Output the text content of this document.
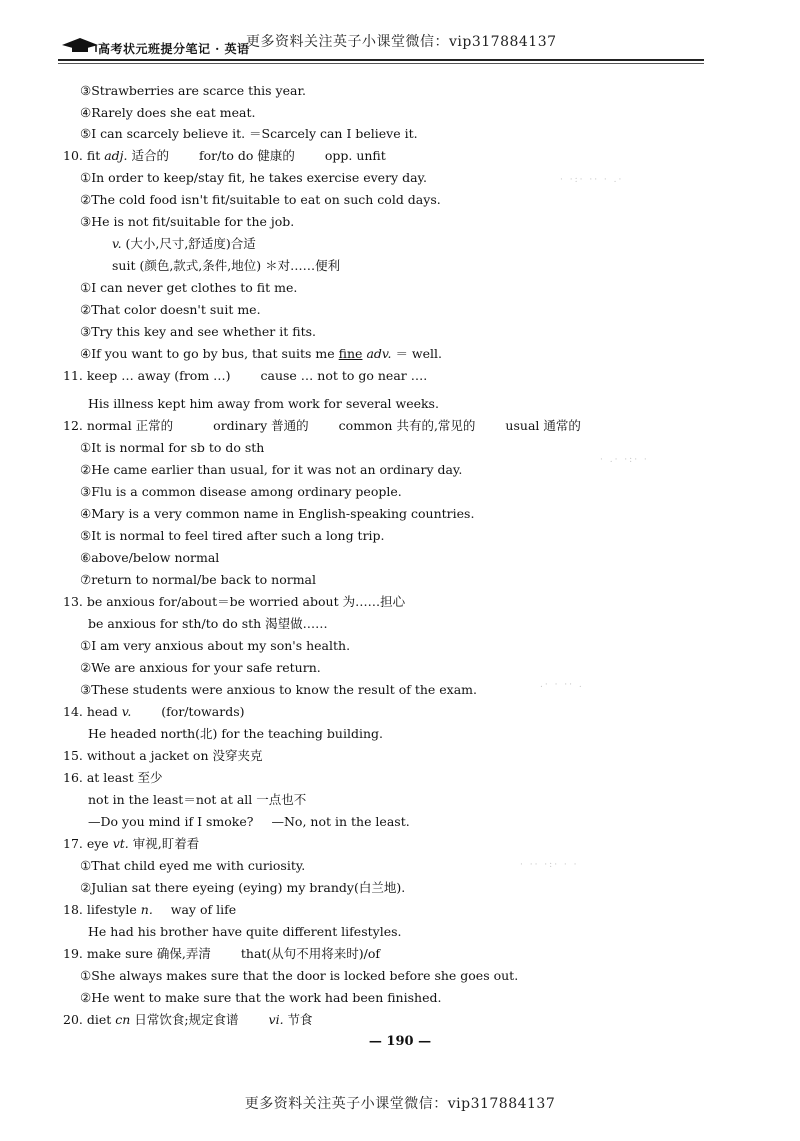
高考状元班提分笔记 · 英语
更多资料关注英子小课堂微信：vip317884137
③Strawberries are scarce this year.
④Rarely does she eat meat.
⑤I can scarcely believe it. ＝Scarcely can I believe it.
10. fit adj. 适合的 for/to do 健康的 opp. unfit
①In order to keep/stay fit, he takes exercise every day.
②The cold food isn't fit/suitable to eat on such cold days.
③He is not fit/suitable for the job.
v. (大小,尺寸,舒适度)合适
suit (颜色,款式,条件,地位) ＊对……便利
①I can never get clothes to fit me.
②That color doesn't suit me.
③Try this key and see whether it fits.
④If you want to go by bus, that suits me fine adv. ＝ well.
11. keep … away (from …) cause … not to go near ….
His illness kept him away from work for several weeks.
12. normal 正常的	ordinary 普通的 common 共有的,常见的 usual 通常的
①It is normal for sb to do sth
②He came earlier than usual, for it was not an ordinary day.
③Flu is a common disease among ordinary people.
④Mary is a very common name in English-speaking countries.
⑤It is normal to feel tired after such a long trip.
⑥above/below normal
⑦return to normal/be back to normal
13. be anxious for/about＝be worried about 为……担心
be anxious for sth/to do sth 渴望做……
①I am very anxious about my son's health.
②We are anxious for your safe return.
③These students were anxious to know the result of the exam.
14. head v. (for/towards)
He headed north(北) for the teaching building.
15. without a jacket on 没穿夹克
16. at least 至少
not in the least＝not at all 一点也不
—Do you mind if I smoke? —No, not in the least.
17. eye vt. 审视,盯着看
①That child eyed me with curiosity.
②Julian sat there eyeing (eying) my brandy(白兰地).
18. lifestyle n. way of life
He had his brother have quite different lifestyles.
19. make sure 确保,弄清 that(从句不用将来时)/of
①She always makes sure that the door is locked before she goes out.
②He went to make sure that the work had been finished.
20. diet cn 日常饮食;规定食谱 vi. 节食
· ·:· ·· · .·
· .· ·:· ·
.· · ·· .
· ·· ·:· · ·
— 190 —
更多资料关注英子小课堂微信：vip317884137
